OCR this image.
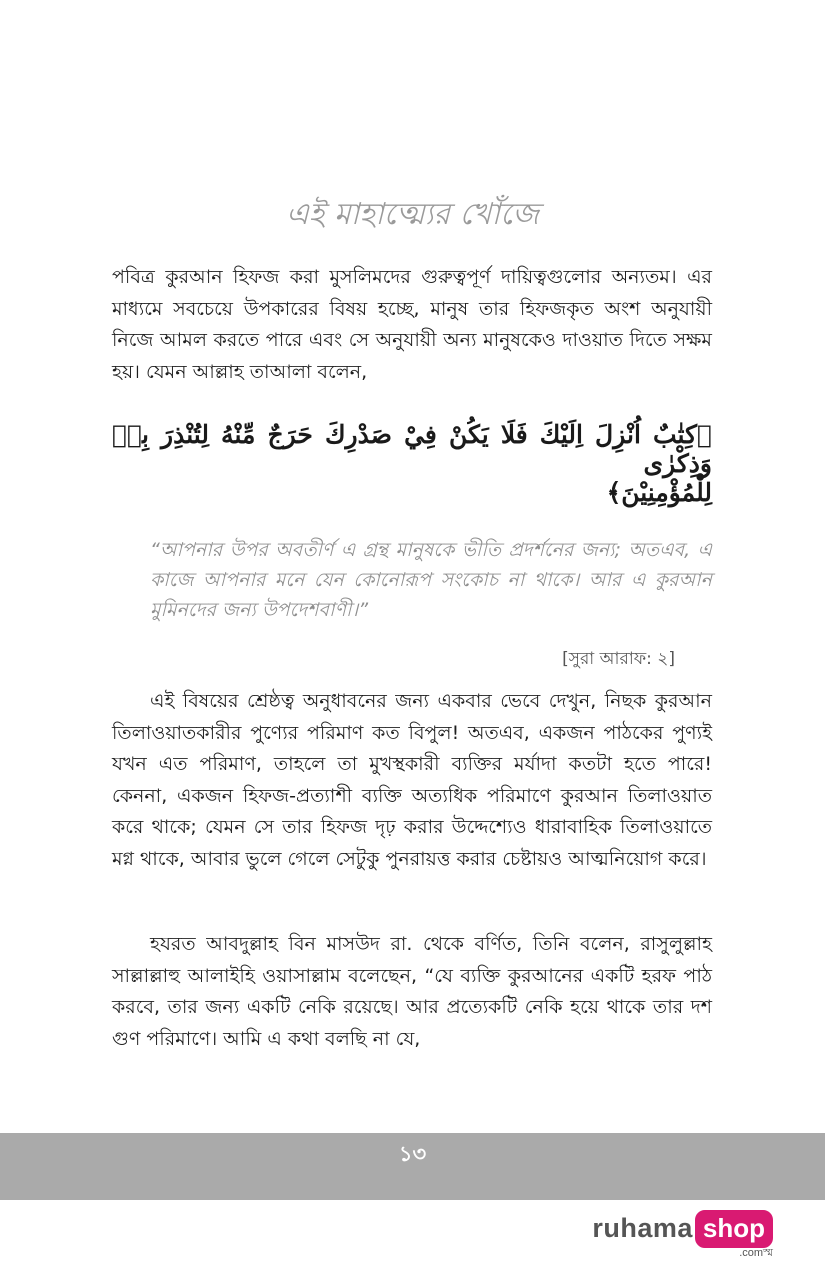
এই মাহাত্ম্যের খোঁজে

পবিত্র কুরআন হিফজ করা মুসলিমদের গুরুত্বপূর্ণ দায়িত্বগুলোর অন্যতম। এর মাধ্যমে সবচেয়ে উপকারের বিষয় হচ্ছে, মানুষ তার হিফজকৃত অংশ অনুযায়ী নিজে আমল করতে পারে এবং সে অনুযায়ী অন্য মানুষকেও দাওয়াত দিতে সক্ষম হয়। যেমন আল্লাহ তাআলা বলেন,

﴿كِتٰبٌ اُنْزِلَ اِلَيْكَ فَلَا يَكُنْ فِيْ صَدْرِكَ حَرَجٌ مِّنْهُ لِتُنْذِرَ بِهٖ وَذِكْرٰى
لِلْمُؤْمِنِيْنَ﴾

“আপনার উপর অবতীর্ণ এ গ্রন্থ মানুষকে ভীতি প্রদর্শনের জন্য; অতএব, এ কাজে আপনার মনে যেন কোনোরূপ সংকোচ না থাকে। আর এ কুরআন মুমিনদের জন্য উপদেশবাণী।”

[সুরা আরাফ: ২]

এই বিষয়ের শ্রেষ্ঠত্ব অনুধাবনের জন্য একবার ভেবে দেখুন, নিছক কুরআন তিলাওয়াতকারীর পুণ্যের পরিমাণ কত বিপুল! অতএব, একজন পাঠকের পুণ্যই যখন এত পরিমাণ, তাহলে তা মুখস্থকারী ব্যক্তির মর্যাদা কতটা হতে পারে! কেননা, একজন হিফজ-প্রত্যাশী ব্যক্তি অত্যধিক পরিমাণে কুরআন তিলাওয়াত করে থাকে; যেমন সে তার হিফজ দৃঢ় করার উদ্দেশ্যেও ধারাবাহিক তিলাওয়াতে মগ্ন থাকে, আবার ভুলে গেলে সেটুকু পুনরায়ত্ত করার চেষ্টায়ও আত্মনিয়োগ করে।

হযরত আবদুল্লাহ বিন মাসউদ রা. থেকে বর্ণিত, তিনি বলেন, রাসুলুল্লাহ সাল্লাল্লাহু আলাইহি ওয়াসাল্লাম বলেছেন, “যে ব্যক্তি কুরআনের একটি হরফ পাঠ করবে, তার জন্য একটি নেকি রয়েছে। আর প্রত্যেকটি নেকি হয়ে থাকে তার দশ গুণ পরিমাণে। আমি এ কথা বলছি না যে,

১৩
ruhama shop
.comস্ম
